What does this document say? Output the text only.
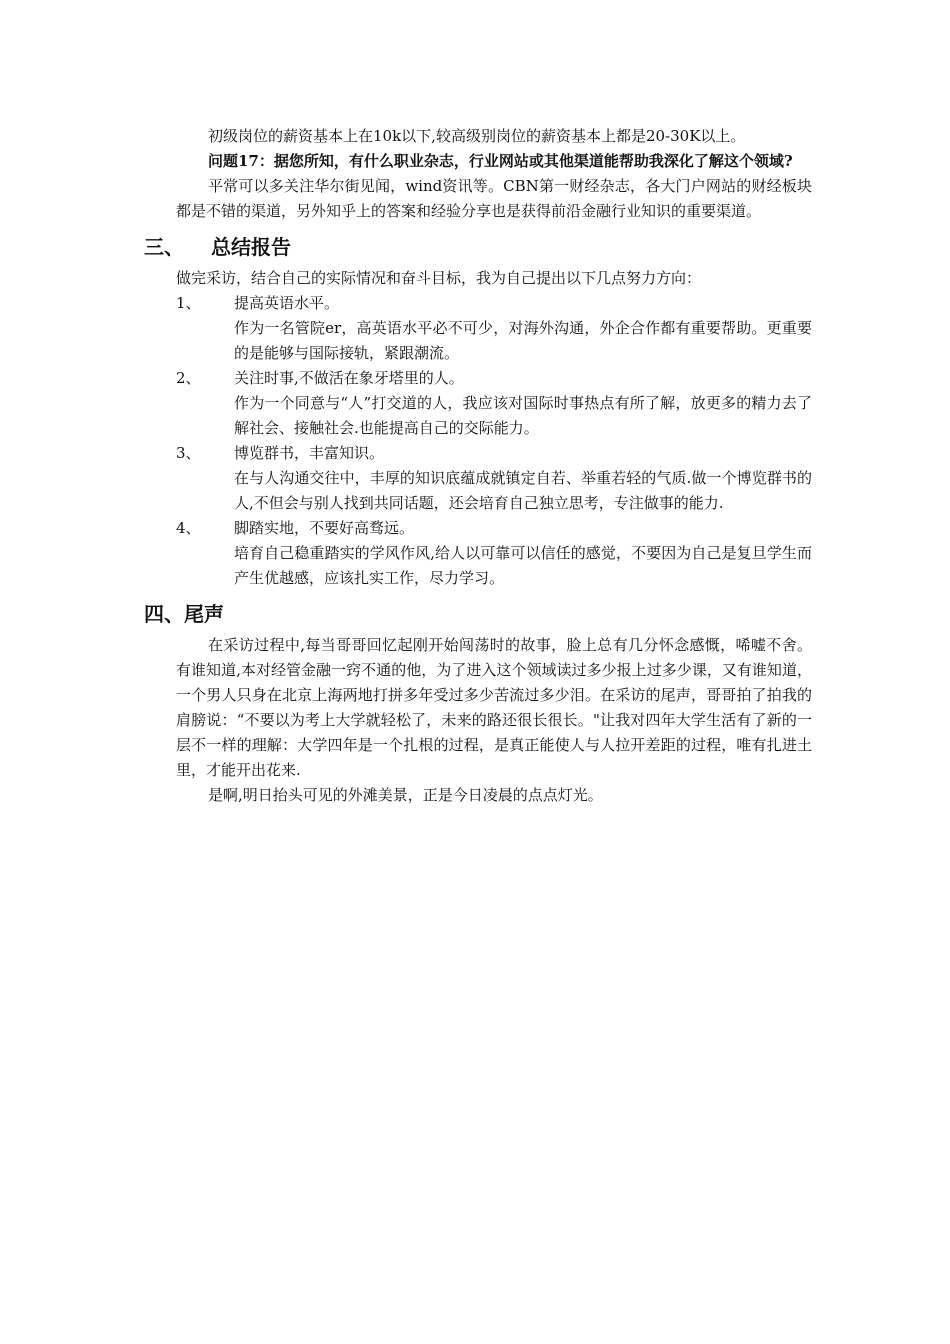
初级岗位的薪资基本上在10k以下,较高级别岗位的薪资基本上都是20-30K以上。

问题17：据您所知，有什么职业杂志，行业网站或其他渠道能帮助我深化了解这个领域?

平常可以多关注华尔街见闻，wind资讯等。CBN第一财经杂志，各大门户网站的财经板块都是不错的渠道，另外知乎上的答案和经验分享也是获得前沿金融行业知识的重要渠道。

三、	总结报告

做完采访，结合自己的实际情况和奋斗目标，我为自己提出以下几点努力方向：

1、	提高英语水平。
作为一名管院er，高英语水平必不可少，对海外沟通，外企合作都有重要帮助。更重要的是能够与国际接轨，紧跟潮流。
2、	关注时事,不做活在象牙塔里的人。
作为一个同意与“人”打交道的人，我应该对国际时事热点有所了解，放更多的精力去了解社会、接触社会.也能提高自己的交际能力。
3、	博览群书，丰富知识。
在与人沟通交往中，丰厚的知识底蕴成就镇定自若、举重若轻的气质.做一个博览群书的人,不但会与别人找到共同话题，还会培育自己独立思考，专注做事的能力.
4、	脚踏实地，不要好高骛远。
培育自己稳重踏实的学风作风,给人以可靠可以信任的感觉，不要因为自己是复旦学生而产生优越感，应该扎实工作，尽力学习。
四、尾声

在采访过程中,每当哥哥回忆起刚开始闯荡时的故事，脸上总有几分怀念感慨，唏嘘不舍。有谁知道,本对经管金融一窍不通的他，为了进入这个领域读过多少报上过多少课，又有谁知道，一个男人只身在北京上海两地打拼多年受过多少苦流过多少泪。在采访的尾声，哥哥拍了拍我的肩膀说：“不要以为考上大学就轻松了，未来的路还很长很长。"让我对四年大学生活有了新的一层不一样的理解：大学四年是一个扎根的过程，是真正能使人与人拉开差距的过程，唯有扎进土里，才能开出花来.

是啊,明日抬头可见的外滩美景，正是今日凌晨的点点灯光。
